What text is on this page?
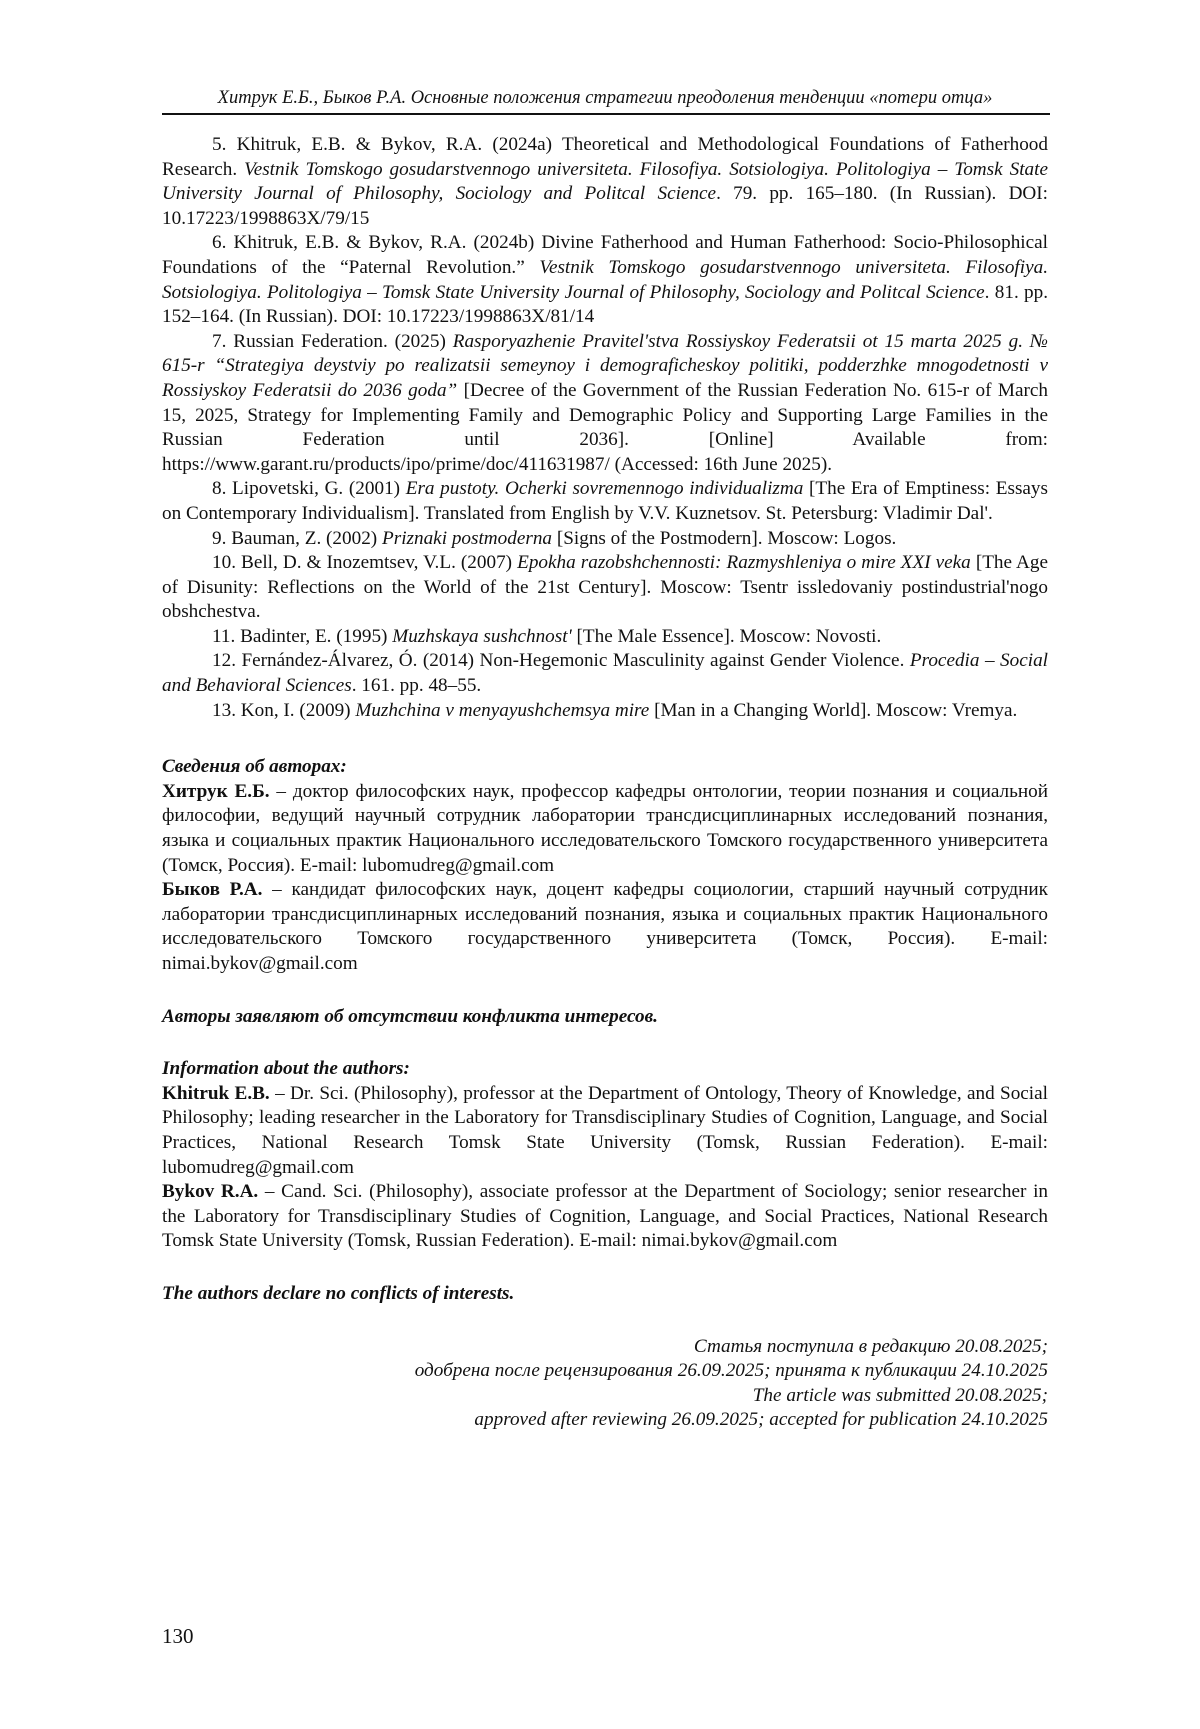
Хитрук Е.Б., Быков Р.А. Основные положения стратегии преодоления тенденции «потери отца»

5. Khitruk, E.B. & Bykov, R.A. (2024a) Theoretical and Methodological Foundations of Fatherhood Research. Vestnik Tomskogo gosudarstvennogo universiteta. Filosofiya. Sotsiologiya. Politologiya – Tomsk State University Journal of Philosophy, Sociology and Politcal Science. 79. pp. 165–180. (In Russian). DOI: 10.17223/1998863X/79/15

6. Khitruk, E.B. & Bykov, R.A. (2024b) Divine Fatherhood and Human Fatherhood: Socio-Philosophical Foundations of the “Paternal Revolution.” Vestnik Tomskogo gosudarstvennogo universiteta. Filosofiya. Sotsiologiya. Politologiya – Tomsk State University Journal of Philosophy, Sociology and Politcal Science. 81. pp. 152–164. (In Russian). DOI: 10.17223/1998863X/81/14

7. Russian Federation. (2025) Rasporyazhenie Pravitel'stva Rossiyskoy Federatsii ot 15 marta 2025 g. № 615-r “Strategiya deystviy po realizatsii semeynoy i demograficheskoy politiki, podderzhke mnogodetnosti v Rossiyskoy Federatsii do 2036 goda” [Decree of the Government of the Russian Federation No. 615-r of March 15, 2025, Strategy for Implementing Family and Demographic Policy and Supporting Large Families in the Russian Federation until 2036]. [Online] Available from: https://www.garant.ru/products/ipo/prime/doc/411631987/ (Accessed: 16th June 2025).

8. Lipovetski, G. (2001) Era pustoty. Ocherki sovremennogo individualizma [The Era of Emptiness: Essays on Contemporary Individualism]. Translated from English by V.V. Kuznetsov. St. Petersburg: Vladimir Dal'.

9. Bauman, Z. (2002) Priznaki postmoderna [Signs of the Postmodern]. Moscow: Logos.

10. Bell, D. & Inozemtsev, V.L. (2007) Epokha razobshchennosti: Razmyshleniya o mire XXI veka [The Age of Disunity: Reflections on the World of the 21st Century]. Moscow: Tsentr issledovaniy postindustrial'nogo obshchestva.

11. Badinter, E. (1995) Muzhskaya sushchnost' [The Male Essence]. Moscow: Novosti.

12. Fernández-Álvarez, Ó. (2014) Non-Hegemonic Masculinity against Gender Violence. Procedia – Social and Behavioral Sciences. 161. pp. 48–55.

13. Kon, I. (2009) Muzhchina v menyayushchemsya mire [Man in a Changing World]. Moscow: Vremya.

Сведения об авторах:

Хитрук Е.Б. – доктор философских наук, профессор кафедры онтологии, теории познания и социальной философии, ведущий научный сотрудник лаборатории трансдисциплинарных исследований познания, языка и социальных практик Национального исследовательского Томского государственного университета (Томск, Россия). E-mail: lubomudreg@gmail.com

Быков Р.А. – кандидат философских наук, доцент кафедры социологии, старший научный сотрудник лаборатории трансдисциплинарных исследований познания, языка и социальных практик Национального исследовательского Томского государственного университета (Томск, Россия). E-mail: nimai.bykov@gmail.com

Авторы заявляют об отсутствии конфликта интересов.

Information about the authors:

Khitruk E.B. – Dr. Sci. (Philosophy), professor at the Department of Ontology, Theory of Knowledge, and Social Philosophy; leading researcher in the Laboratory for Transdisciplinary Studies of Cognition, Language, and Social Practices, National Research Tomsk State University (Tomsk, Russian Federation). E-mail: lubomudreg@gmail.com

Bykov R.A. – Cand. Sci. (Philosophy), associate professor at the Department of Sociology; senior researcher in the Laboratory for Transdisciplinary Studies of Cognition, Language, and Social Practices, National Research Tomsk State University (Tomsk, Russian Federation). E-mail: nimai.bykov@gmail.com

The authors declare no conflicts of interests.

Статья поступила в редакцию 20.08.2025;

одобрена после рецензирования 26.09.2025; принята к публикации 24.10.2025

The article was submitted 20.08.2025;

approved after reviewing 26.09.2025; accepted for publication 24.10.2025

130
